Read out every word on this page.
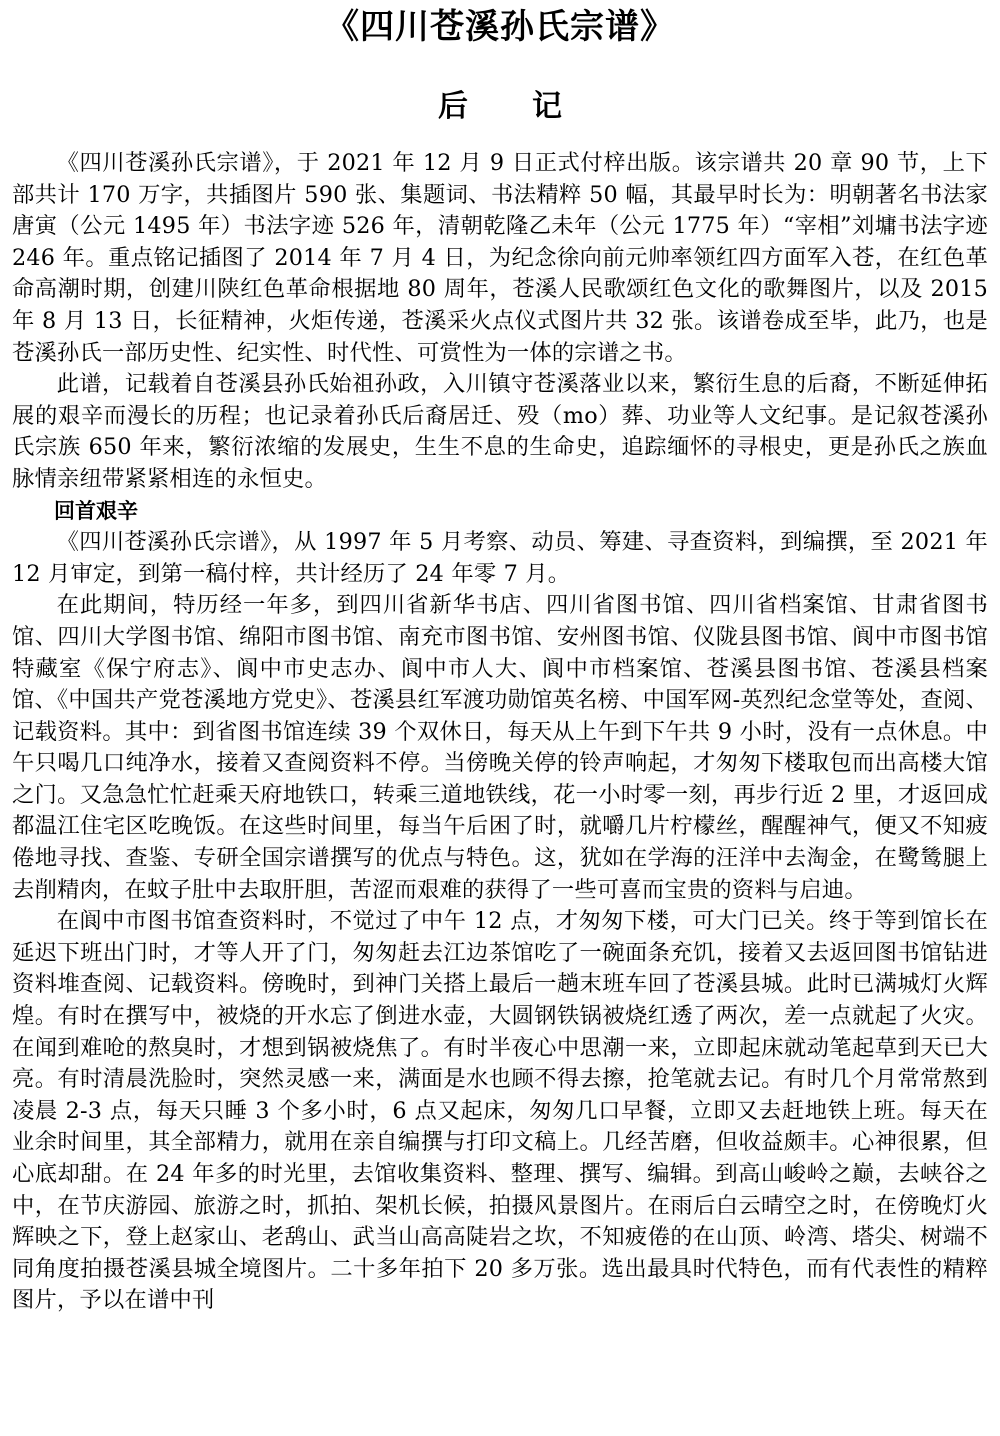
《四川苍溪孙氏宗谱》
后记

《四川苍溪孙氏宗谱》，于 2021 年 12 月 9 日正式付梓出版。该宗谱共 20 章 90 节，上下部共计 170 万字，共插图片 590 张、集题词、书法精粹 50 幅，其最早时长为：明朝著名书法家唐寅（公元 1495 年）书法字迹 526 年，清朝乾隆乙未年（公元 1775 年）“宰相”刘墉书法字迹 246 年。重点铭记插图了 2014 年 7 月 4 日，为纪念徐向前元帅率领红四方面军入苍，在红色革命高潮时期，创建川陕红色革命根据地 80 周年，苍溪人民歌颂红色文化的歌舞图片，以及 2015 年 8 月 13 日，长征精神，火炬传递，苍溪采火点仪式图片共 32 张。该谱卷成至毕，此乃，也是苍溪孙氏一部历史性、纪实性、时代性、可赏性为一体的宗谱之书。

此谱，记载着自苍溪县孙氏始祖孙政，入川镇守苍溪落业以来，繁衍生息的后裔，不断延伸拓展的艰辛而漫长的历程；也记录着孙氏后裔居迁、殁（mo）葬、功业等人文纪事。是记叙苍溪孙氏宗族 650 年来，繁衍浓缩的发展史，生生不息的生命史，追踪缅怀的寻根史，更是孙氏之族血脉情亲纽带紧紧相连的永恒史。

回首艰辛

《四川苍溪孙氏宗谱》，从 1997 年 5 月考察、动员、筹建、寻查资料，到编撰，至 2021 年 12 月审定，到第一稿付梓，共计经历了 24 年零 7 月。

在此期间，特历经一年多，到四川省新华书店、四川省图书馆、四川省档案馆、甘肃省图书馆、四川大学图书馆、绵阳市图书馆、南充市图书馆、安州图书馆、仪陇县图书馆、阆中市图书馆特藏室《保宁府志》、阆中市史志办、阆中市人大、阆中市档案馆、苍溪县图书馆、苍溪县档案馆、《中国共产党苍溪地方党史》、苍溪县红军渡功勋馆英名榜、中国军网-英烈纪念堂等处，查阅、记载资料。其中：到省图书馆连续 39 个双休日，每天从上午到下午共 9 小时，没有一点休息。中午只喝几口纯净水，接着又查阅资料不停。当傍晚关停的铃声响起，才匆匆下楼取包而出高楼大馆之门。又急急忙忙赶乘天府地铁口，转乘三道地铁线，花一小时零一刻，再步行近 2 里，才返回成都温江住宅区吃晚饭。在这些时间里，每当午后困了时，就嚼几片柠檬丝，醒醒神气，便又不知疲倦地寻找、查鉴、专研全国宗谱撰写的优点与特色。这，犹如在学海的汪洋中去淘金，在鹭鸶腿上去削精肉，在蚊子肚中去取肝胆，苦涩而艰难的获得了一些可喜而宝贵的资料与启迪。

在阆中市图书馆查资料时，不觉过了中午 12 点，才匆匆下楼，可大门已关。终于等到馆长在延迟下班出门时，才等人开了门，匆匆赶去江边茶馆吃了一碗面条充饥，接着又去返回图书馆钻进资料堆查阅、记载资料。傍晚时，到神门关搭上最后一趟末班车回了苍溪县城。此时已满城灯火辉煌。有时在撰写中，被烧的开水忘了倒进水壶，大圆钢铁锅被烧红透了两次，差一点就起了火灾。在闻到难呛的熬臭时，才想到锅被烧焦了。有时半夜心中思潮一来，立即起床就动笔起草到天已大亮。有时清晨洗脸时，突然灵感一来，满面是水也顾不得去擦，抢笔就去记。有时几个月常常熬到凌晨 2-3 点，每天只睡 3 个多小时，6 点又起床，匆匆几口早餐，立即又去赶地铁上班。每天在业余时间里，其全部精力，就用在亲自编撰与打印文稿上。几经苦磨，但收益颇丰。心神很累，但心底却甜。在 24 年多的时光里，去馆收集资料、整理、撰写、编辑。到高山峻岭之巅，去峡谷之中，在节庆游园、旅游之时，抓拍、架机长候，拍摄风景图片。在雨后白云晴空之时，在傍晚灯火辉映之下，登上赵家山、老鸹山、武当山高高陡岩之坎，不知疲倦的在山顶、岭湾、塔尖、树端不同角度拍摄苍溪县城全境图片。二十多年拍下 20 多万张。选出最具时代特色，而有代表性的精粹图片，予以在谱中刊
